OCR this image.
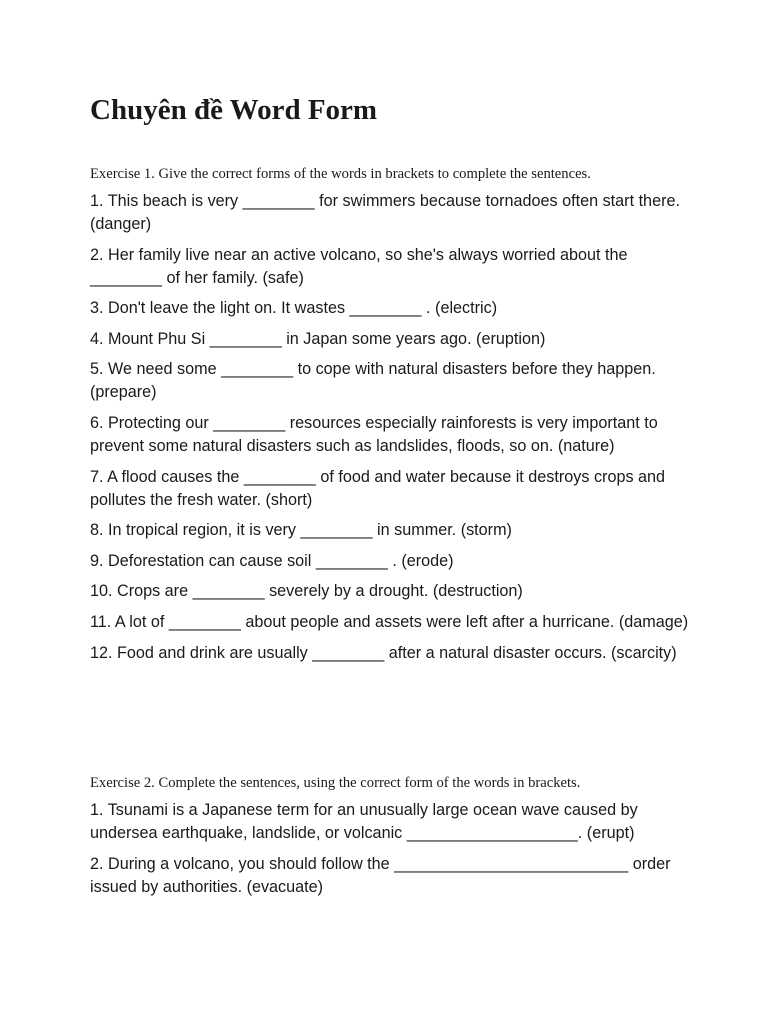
Chuyên đề Word Form

Exercise 1. Give the correct forms of the words in brackets to complete the sentences.

1. This beach is very ________ for swimmers because tornadoes often start there. (danger)

2. Her family live near an active volcano, so she's always worried about the ________ of her family. (safe)

3. Don't leave the light on. It wastes ________ . (electric)

4. Mount Phu Si ________ in Japan some years ago. (eruption)

5. We need some ________ to cope with natural disasters before they happen. (prepare)

6. Protecting our ________ resources especially rainforests is very important to prevent some natural disasters such as landslides, floods, so on. (nature)

7. A flood causes the ________ of food and water because it destroys crops and pollutes the fresh water. (short)

8. In tropical region, it is very ________ in summer. (storm)

9. Deforestation can cause soil ________ . (erode)

10. Crops are ________ severely by a drought. (destruction)

11. A lot of ________ about people and assets were left after a hurricane. (damage)

12. Food and drink are usually ________ after a natural disaster occurs. (scarcity)

Exercise 2. Complete the sentences, using the correct form of the words in brackets.

1. Tsunami is a Japanese term for an unusually large ocean wave caused by undersea earthquake, landslide, or volcanic ___________________. (erupt)

2. During a volcano, you should follow the __________________________ order issued by authorities. (evacuate)
